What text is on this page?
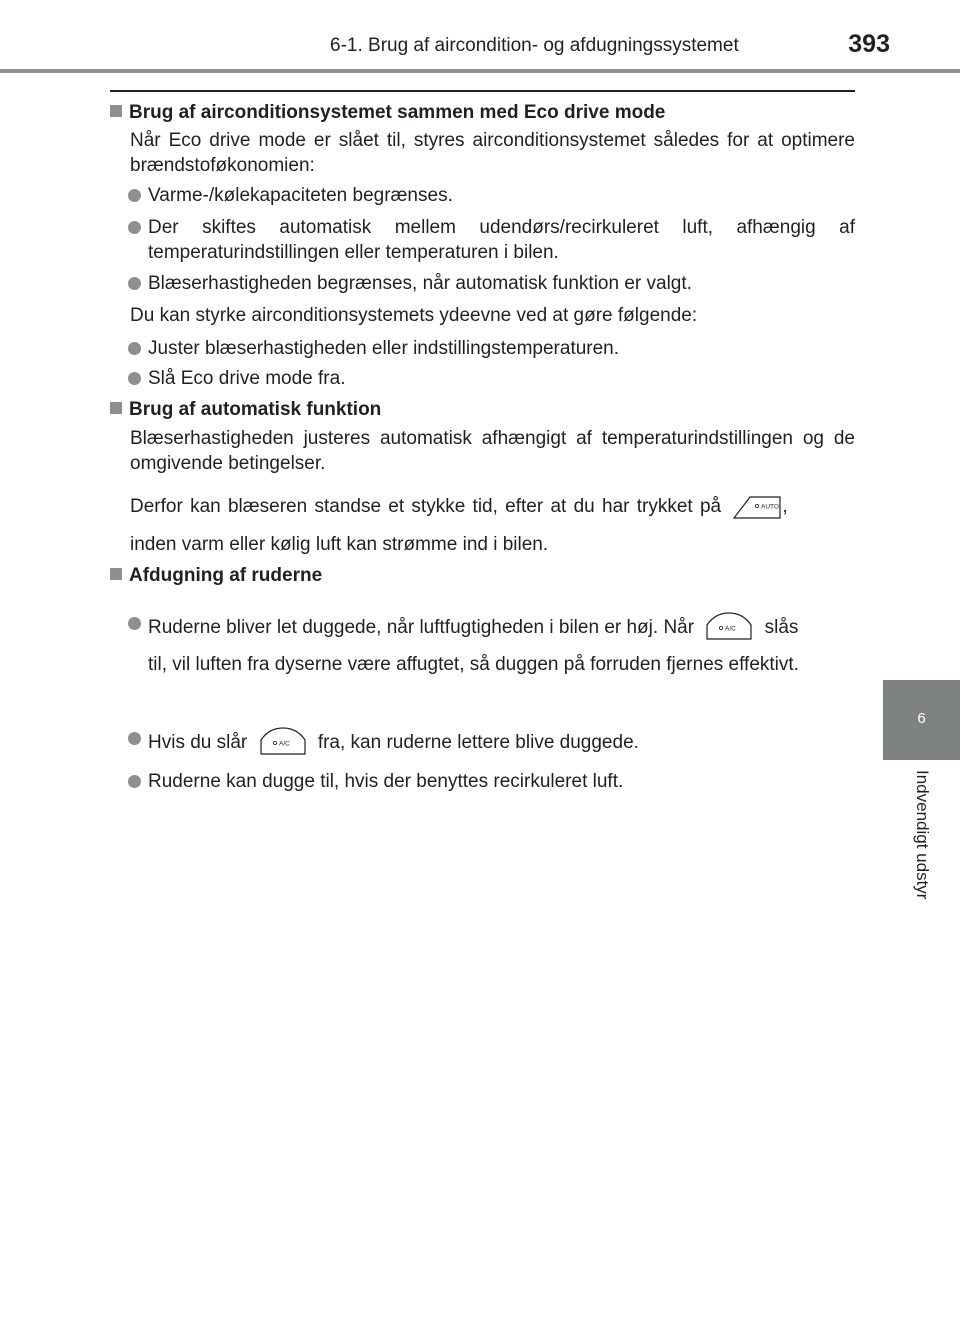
6-1. Brug af aircondition- og afdugningssystemet	393
6
Indvendigt udstyr
Brug af airconditionsystemet sammen med Eco drive mode
Når Eco drive mode er slået til, styres airconditionsystemet således for at optimere brændstoføkonomien:
Varme-/kølekapaciteten begrænses.
Der skiftes automatisk mellem udendørs/recirkuleret luft, afhængig af temperaturindstillingen eller temperaturen i bilen.
Blæserhastigheden begrænses, når automatisk funktion er valgt.
Du kan styrke airconditionsystemets ydeevne ved at gøre følgende:
Juster blæserhastigheden eller indstillingstemperaturen.
Slå Eco drive mode fra.
Brug af automatisk funktion
Blæserhastigheden justeres automatisk afhængigt af temperaturindstillingen og de omgivende betingelser.
Derfor kan blæseren standse et stykke tid, efter at du har trykket på	AUTO ,
inden varm eller kølig luft kan strømme ind i bilen.
Afdugning af ruderne
Ruderne bliver let duggede, når luftfugtigheden i bilen er høj. Når	A/C slås
til, vil luften fra dyserne være affugtet, så duggen på forruden fjernes effektivt.
Hvis du slår	A/C fra, kan ruderne lettere blive duggede.
Ruderne kan dugge til, hvis der benyttes recirkuleret luft.
